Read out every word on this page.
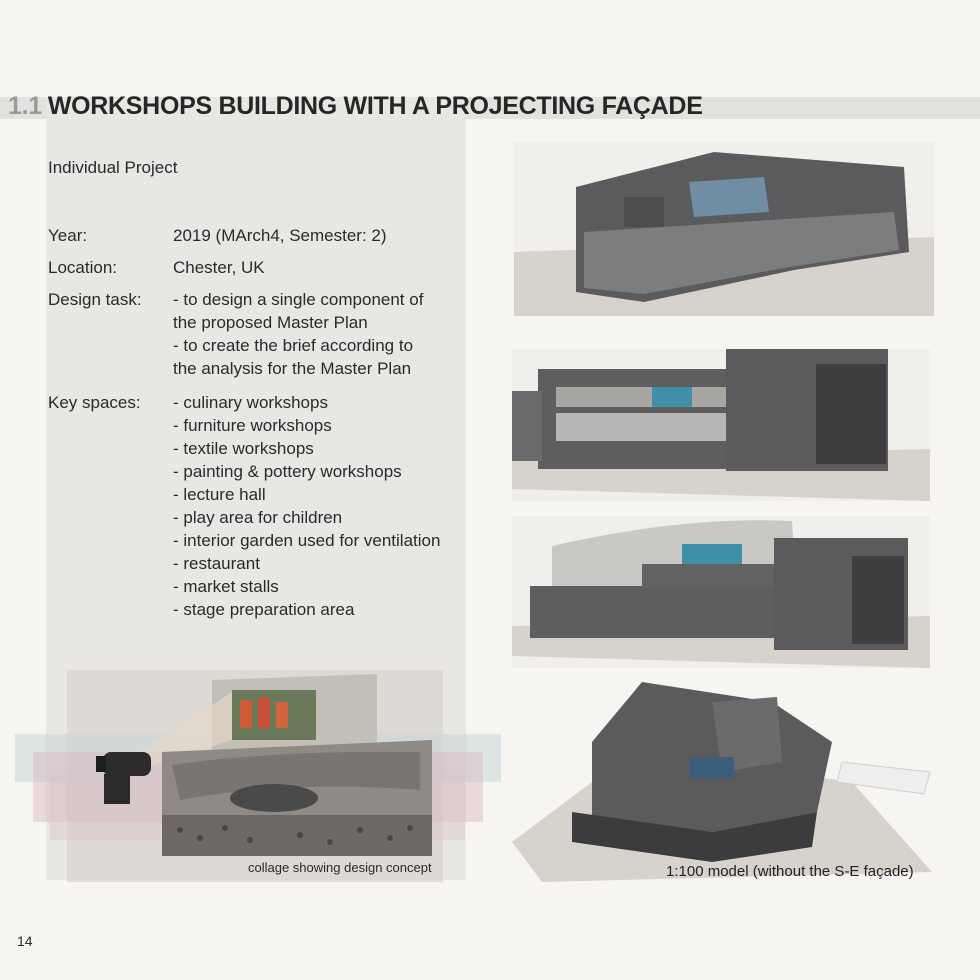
1.1 WORKSHOPS BUILDING WITH A PROJECTING FAÇADE
Individual Project
Year:	2019 (MArch4, Semester: 2)
Location:	Chester, UK
Design task:	- to design a single component of
the proposed Master Plan
- to create the brief according to
the analysis for the Master Plan
Key spaces:	- culinary workshops
- furniture workshops
- textile workshops
- painting & pottery workshops
- lecture hall
- play area for children
- interior garden used for ventilation
- restaurant
- market stalls
- stage preparation area
collage showing design concept	1:100 model (without the S-E façade)
14
